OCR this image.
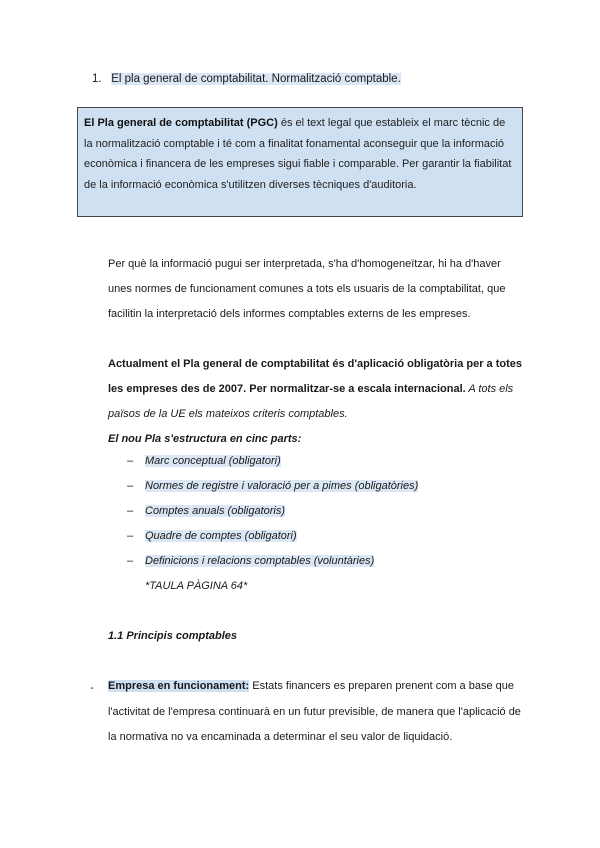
1. El pla general de comptabilitat. Normalització comptable.
El Pla general de comptabilitat (PGC) és el text legal que estableix el marc tècnic de la normalització comptable i té com a finalitat fonamental aconseguir que la informació econòmica i financera de les empreses sigui fiable i comparable. Per garantir la fiabilitat de la informació econòmica s'utilitzen diverses tècniques d'auditoria.
Per què la informació pugui ser interpretada, s'ha d'homogeneïtzar, hi ha d'haver unes normes de funcionament comunes a tots els usuaris de la comptabilitat, que facilitin la interpretació dels informes comptables externs de les empreses.
Actualment el Pla general de comptabilitat és d'aplicació obligatòria per a totes les empreses des de 2007. Per normalitzar-se a escala internacional. A tots els països de la UE els mateixos criteris comptables.
El nou Pla s'estructura en cinc parts:
– Marc conceptual (obligatori)
– Normes de registre i valoració per a pimes (obligatòries)
– Comptes anuals (obligatoris)
– Quadre de comptes (obligatori)
– Definicions i relacions comptables (voluntàries)
*TAULA PÀGINA 64*
1.1 Principis comptables
- Empresa en funcionament: Estats financers es preparen prenent com a base que l'activitat de l'empresa continuarà en un futur previsible, de manera que l'aplicació de la normativa no va encaminada a determinar el seu valor de liquidació.
